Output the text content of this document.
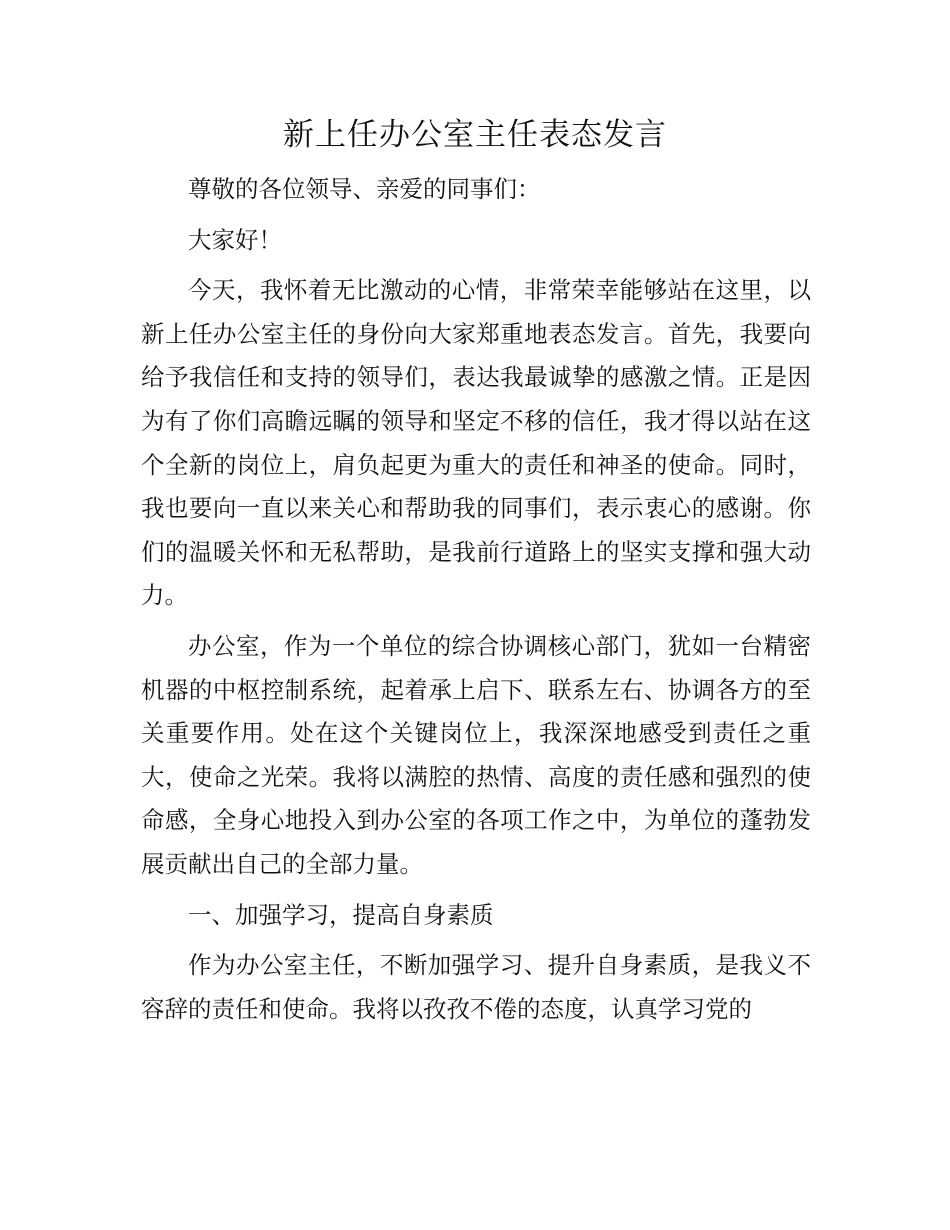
新上任办公室主任表态发言

尊敬的各位领导、亲爱的同事们：

大家好！

今天，我怀着无比激动的心情，非常荣幸能够站在这里，以新上任办公室主任的身份向大家郑重地表态发言。首先，我要向给予我信任和支持的领导们，表达我最诚挚的感激之情。正是因为有了你们高瞻远瞩的领导和坚定不移的信任，我才得以站在这个全新的岗位上，肩负起更为重大的责任和神圣的使命。同时，我也要向一直以来关心和帮助我的同事们，表示衷心的感谢。你们的温暖关怀和无私帮助，是我前行道路上的坚实支撑和强大动力。

办公室，作为一个单位的综合协调核心部门，犹如一台精密机器的中枢控制系统，起着承上启下、联系左右、协调各方的至关重要作用。处在这个关键岗位上，我深深地感受到责任之重大，使命之光荣。我将以满腔的热情、高度的责任感和强烈的使命感，全身心地投入到办公室的各项工作之中，为单位的蓬勃发展贡献出自己的全部力量。

一、加强学习，提高自身素质

作为办公室主任，不断加强学习、提升自身素质，是我义不容辞的责任和使命。我将以孜孜不倦的态度，认真学习党的
